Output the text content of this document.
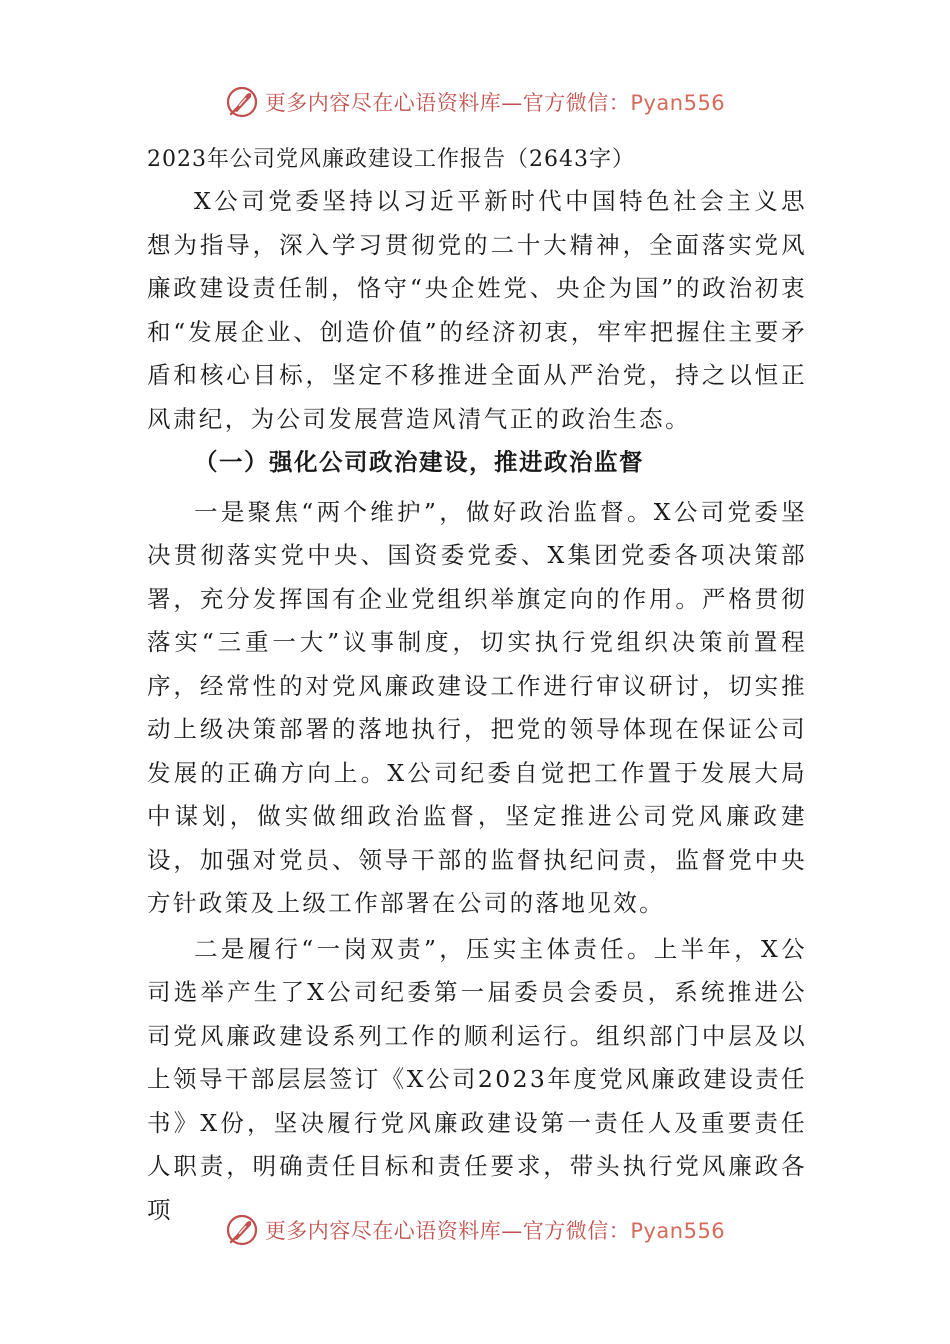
更多内容尽在心语资料库—官方微信：Pyan556

2023年公司党风廉政建设工作报告（2643字）

X公司党委坚持以习近平新时代中国特色社会主义思想为指导，深入学习贯彻党的二十大精神，全面落实党风廉政建设责任制，恪守“央企姓党、央企为国”的政治初衷和“发展企业、创造价值”的经济初衷，牢牢把握住主要矛盾和核心目标，坚定不移推进全面从严治党，持之以恒正风肃纪，为公司发展营造风清气正的政治生态。

（一）强化公司政治建设，推进政治监督

一是聚焦“两个维护”，做好政治监督。X公司党委坚决贯彻落实党中央、国资委党委、X集团党委各项决策部署，充分发挥国有企业党组织举旗定向的作用。严格贯彻落实“三重一大”议事制度，切实执行党组织决策前置程序，经常性的对党风廉政建设工作进行审议研讨，切实推动上级决策部署的落地执行，把党的领导体现在保证公司发展的正确方向上。X公司纪委自觉把工作置于发展大局中谋划，做实做细政治监督，坚定推进公司党风廉政建设，加强对党员、领导干部的监督执纪问责，监督党中央方针政策及上级工作部署在公司的落地见效。

二是履行“一岗双责”，压实主体责任。上半年，X公司选举产生了X公司纪委第一届委员会委员，系统推进公司党风廉政建设系列工作的顺利运行。组织部门中层及以上领导干部层层签订《X公司2023年度党风廉政建设责任书》X份，坚决履行党风廉政建设第一责任人及重要责任人职责，明确责任目标和责任要求，带头执行党风廉政各项

更多内容尽在心语资料库—官方微信：Pyan556
